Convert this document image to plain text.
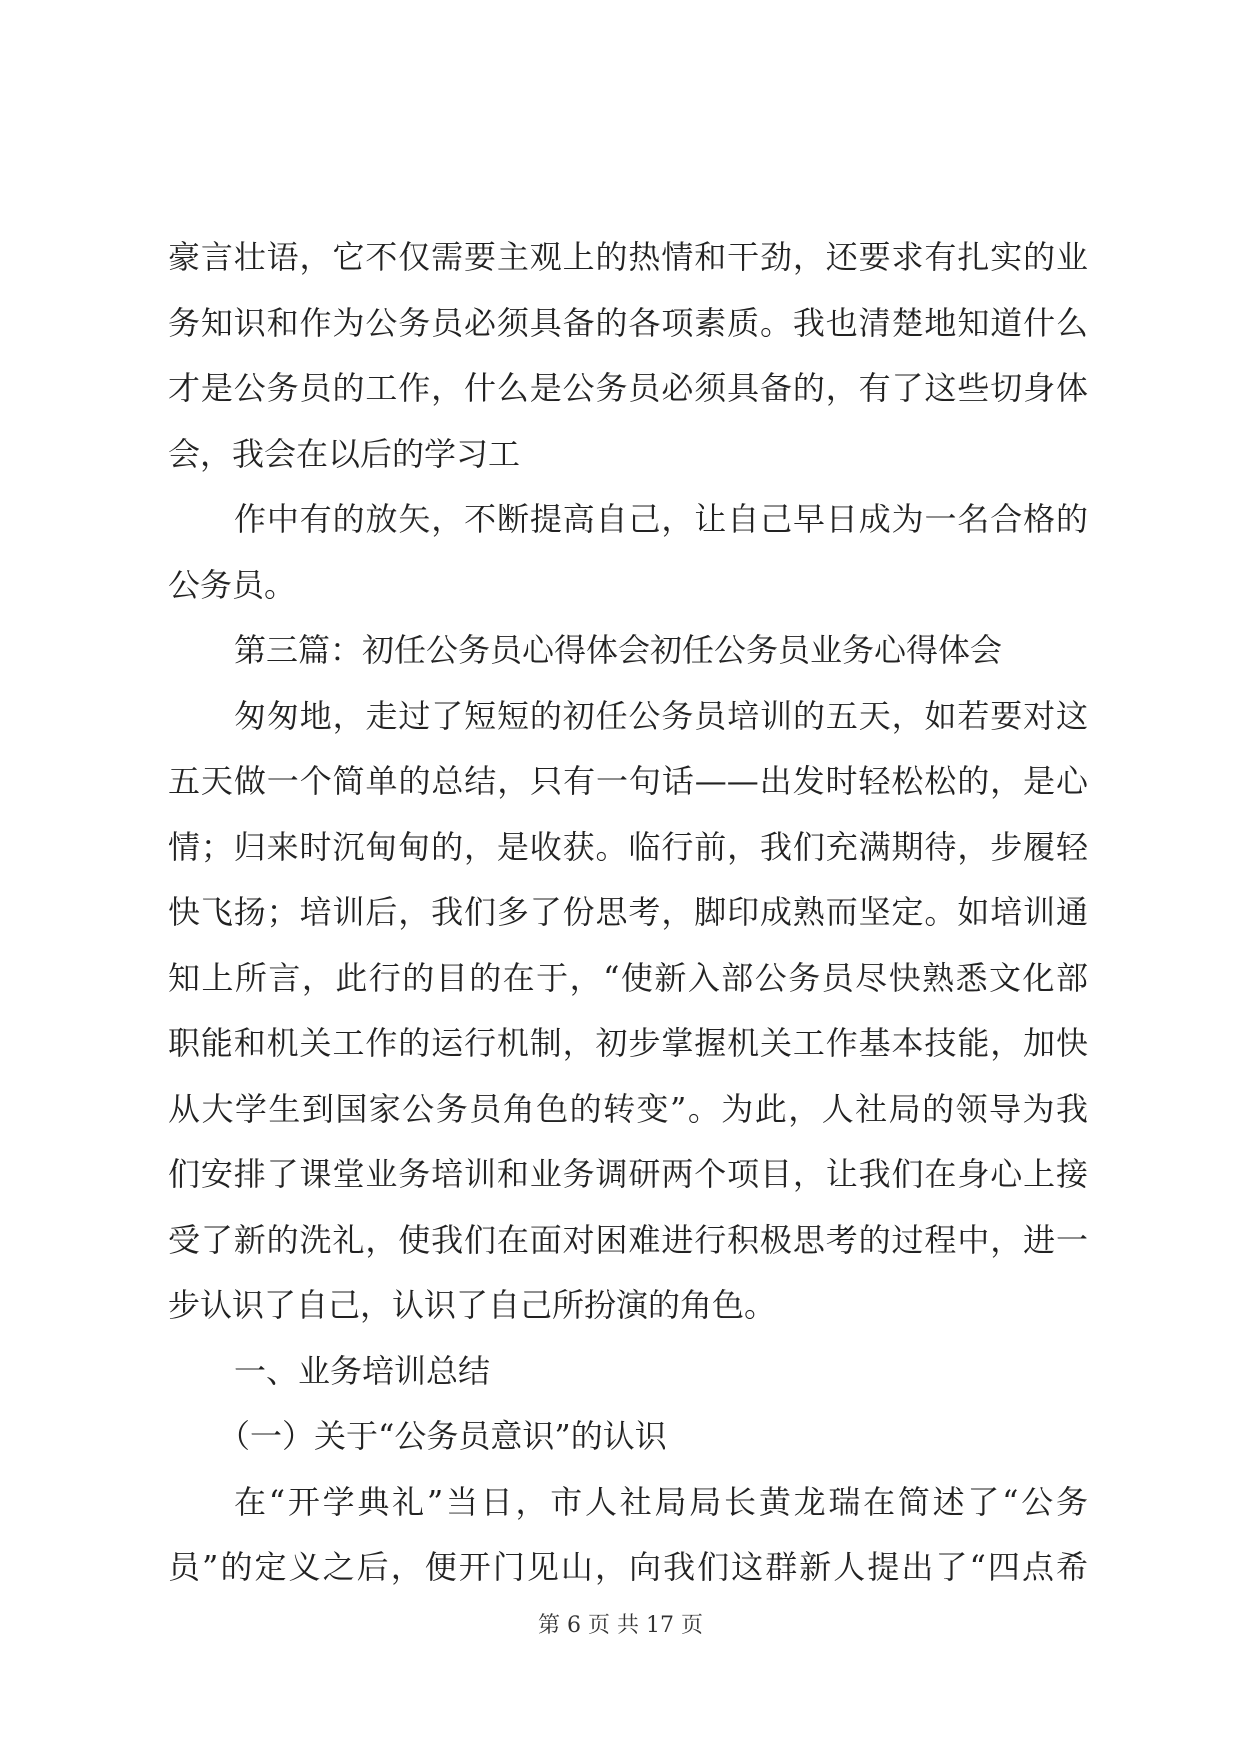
豪言壮语，它不仅需要主观上的热情和干劲，还要求有扎实的业
务知识和作为公务员必须具备的各项素质。我也清楚地知道什么
才是公务员的工作，什么是公务员必须具备的，有了这些切身体
会，我会在以后的学习工
作中有的放矢，不断提高自己，让自己早日成为一名合格的
公务员。
第三篇：初任公务员心得体会初任公务员业务心得体会
匆匆地，走过了短短的初任公务员培训的五天，如若要对这
五天做一个简单的总结，只有一句话——出发时轻松松的，是心
情；归来时沉甸甸的，是收获。临行前，我们充满期待，步履轻
快飞扬；培训后，我们多了份思考，脚印成熟而坚定。如培训通
知上所言，此行的目的在于，“使新入部公务员尽快熟悉文化部
职能和机关工作的运行机制，初步掌握机关工作基本技能，加快
从大学生到国家公务员角色的转变”。为此，人社局的领导为我
们安排了课堂业务培训和业务调研两个项目，让我们在身心上接
受了新的洗礼，使我们在面对困难进行积极思考的过程中，进一
步认识了自己，认识了自己所扮演的角色。
一、业务培训总结
（一）关于“公务员意识”的认识
在“开学典礼”当日，市人社局局长黄龙瑞在简述了“公务
员”的定义之后，便开门见山，向我们这群新人提出了“四点希
第 6 页 共 17 页
